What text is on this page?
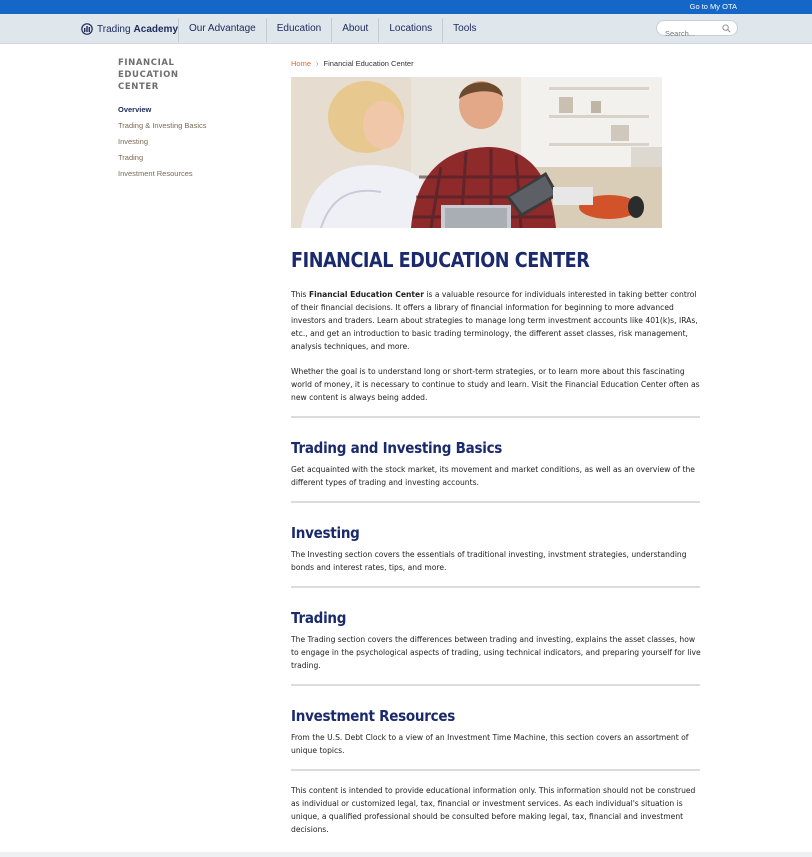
Go to My OTA
Trading Academy	Our Advantage	Education	About	Locations	Tools
Search...
FINANCIAL
EDUCATION
CENTER
Overview
Trading & Investing Basics
Investing
Trading
Investment Resources
Home › Financial Education Center
FINANCIAL EDUCATION CENTER

This Financial Education Center is a valuable resource for individuals interested in taking better control of their financial decisions. It offers a library of financial information for beginning to more advanced investors and traders. Learn about strategies to manage long term investment accounts like 401(k)s, IRAs, etc., and get an introduction to basic trading terminology, the different asset classes, risk management, analysis techniques, and more.

Whether the goal is to understand long or short-term strategies, or to learn more about this fascinating world of money, it is necessary to continue to study and learn. Visit the Financial Education Center often as new content is always being added.

Trading and Investing Basics

Get acquainted with the stock market, its movement and market conditions, as well as an overview of the different types of trading and investing accounts.

Investing

The Investing section covers the essentials of traditional investing, invstment strategies, understanding bonds and interest rates, tips, and more.

Trading

The Trading section covers the differences between trading and investing, explains the asset classes, how to engage in the psychological aspects of trading, using technical indicators, and preparing yourself for live trading.

Investment Resources

From the U.S. Debt Clock to a view of an Investment Time Machine, this section covers an assortment of unique topics.

This content is intended to provide educational information only. This information should not be construed as individual or customized legal, tax, financial or investment services. As each individual's situation is unique, a qualified professional should be consulted before making legal, tax, financial and investment decisions.
